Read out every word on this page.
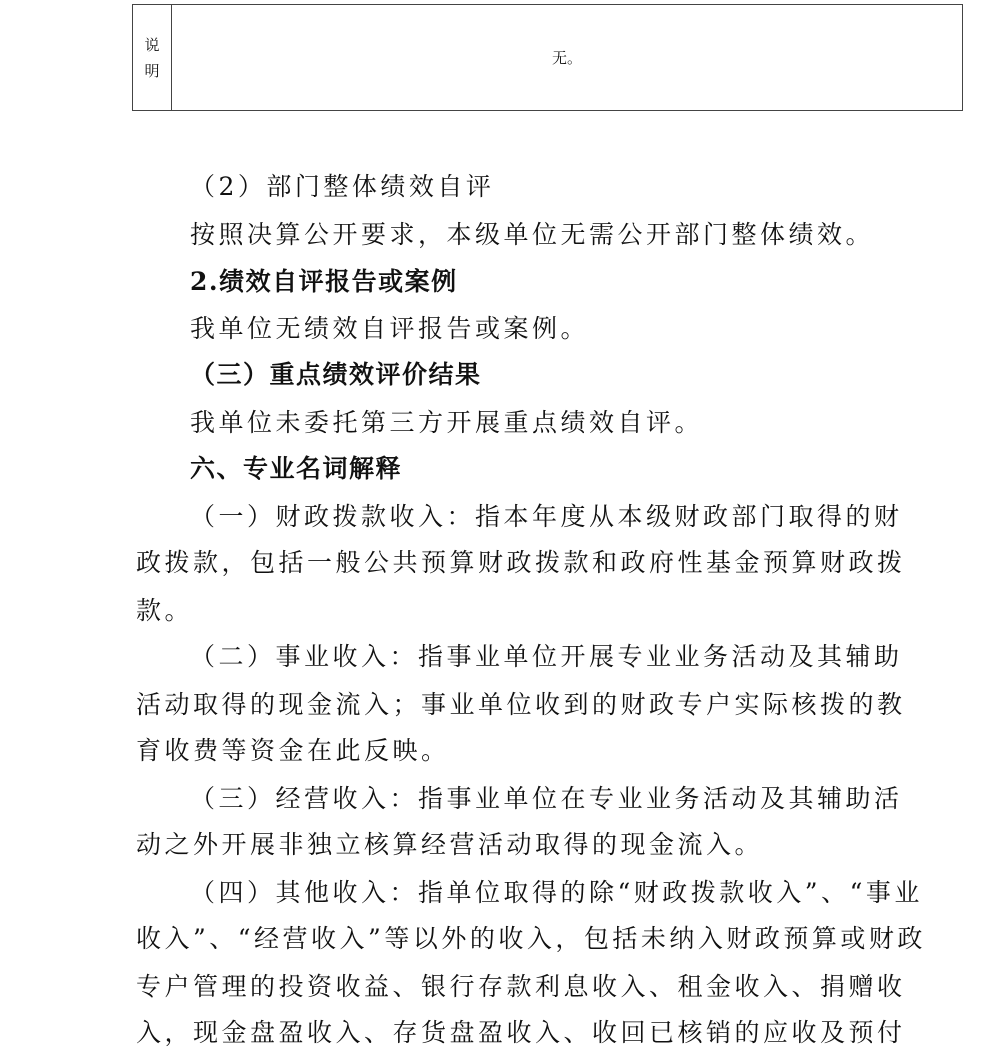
说
明
无。

（2）部门整体绩效自评

按照决算公开要求，本级单位无需公开部门整体绩效。

2.绩效自评报告或案例

我单位无绩效自评报告或案例。

（三）重点绩效评价结果

我单位未委托第三方开展重点绩效自评。

六、专业名词解释

（一）财政拨款收入：指本年度从本级财政部门取得的财

政拨款，包括一般公共预算财政拨款和政府性基金预算财政拨

款。

（二）事业收入：指事业单位开展专业业务活动及其辅助

活动取得的现金流入；事业单位收到的财政专户实际核拨的教

育收费等资金在此反映。

（三）经营收入：指事业单位在专业业务活动及其辅助活

动之外开展非独立核算经营活动取得的现金流入。

（四）其他收入：指单位取得的除“财政拨款收入”、“事业

收入”、“经营收入”等以外的收入，包括未纳入财政预算或财政

专户管理的投资收益、银行存款利息收入、租金收入、捐赠收

入，现金盘盈收入、存货盘盈收入、收回已核销的应收及预付
